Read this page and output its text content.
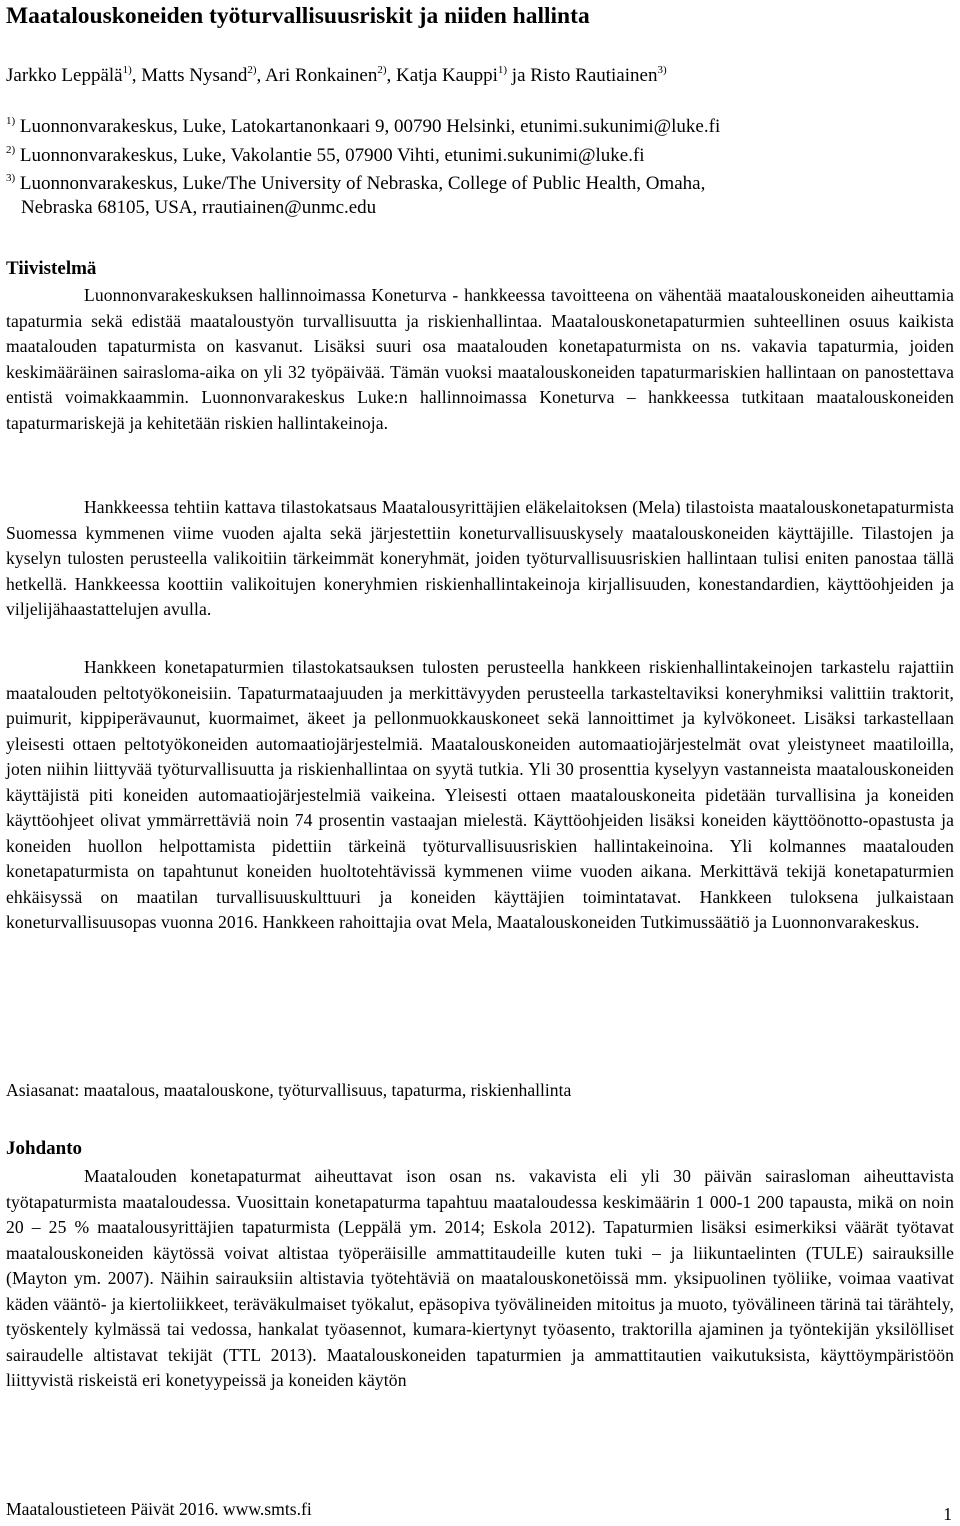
Maatalouskoneiden työturvallisuusriskit ja niiden hallinta
Jarkko Leppälä$^{1)}$, Matts Nysand$^{2)}$, Ari Ronkainen$^{2)}$, Katja Kauppi$^{1)}$ ja Risto Rautiainen$^{3)}$
$^{1)}$ Luonnonvarakeskus, Luke, Latokartanonkaari 9, 00790 Helsinki, etunimi.sukunimi@luke.fi
$^{2)}$ Luonnonvarakeskus, Luke, Vakolantie 55, 07900 Vihti, etunimi.sukunimi@luke.fi
$^{3)}$ Luonnonvarakeskus, Luke/The University of Nebraska, College of Public Health, Omaha,
Nebraska 68105, USA, rrautiainen@unmc.edu
Tiivistelmä

Luonnonvarakeskuksen hallinnoimassa Koneturva - hankkeessa tavoitteena on vähentää maatalouskoneiden aiheuttamia tapaturmia sekä edistää maataloustyön turvallisuutta ja riskienhallintaa. Maatalouskonetapaturmien suhteellinen osuus kaikista maatalouden tapaturmista on kasvanut. Lisäksi suuri osa maatalouden konetapaturmista on ns. vakavia tapaturmia, joiden keskimääräinen sairasloma-aika on yli 32 työpäivää. Tämän vuoksi maatalouskoneiden tapaturmariskien hallintaan on panostettava entistä voimakkaammin. Luonnonvarakeskus Luke:n hallinnoimassa Koneturva – hankkeessa tutkitaan maatalouskoneiden tapaturmariskejä ja kehitetään riskien hallintakeinoja.

Hankkeessa tehtiin kattava tilastokatsaus Maatalousyrittäjien eläkelaitoksen (Mela) tilastoista maatalouskonetapaturmista Suomessa kymmenen viime vuoden ajalta sekä järjestettiin koneturvallisuuskysely maatalouskoneiden käyttäjille. Tilastojen ja kyselyn tulosten perusteella valikoitiin tärkeimmät koneryhmät, joiden työturvallisuusriskien hallintaan tulisi eniten panostaa tällä hetkellä. Hankkeessa koottiin valikoitujen koneryhmien riskienhallintakeinoja kirjallisuuden, konestandardien, käyttöohjeiden ja viljelijähaastattelujen avulla.

Hankkeen konetapaturmien tilastokatsauksen tulosten perusteella hankkeen riskienhallintakeinojen tarkastelu rajattiin maatalouden peltotyökoneisiin. Tapaturmataajuuden ja merkittävyyden perusteella tarkasteltaviksi koneryhmiksi valittiin traktorit, puimurit, kippiperävaunut, kuormaimet, äkeet ja pellonmuokkauskoneet sekä lannoittimet ja kylvökoneet. Lisäksi tarkastellaan yleisesti ottaen peltotyökoneiden automaatiojärjestelmiä. Maatalouskoneiden automaatiojärjestelmät ovat yleistyneet maatiloilla, joten niihin liittyvää työturvallisuutta ja riskienhallintaa on syytä tutkia. Yli 30 prosenttia kyselyyn vastanneista maatalouskoneiden käyttäjistä piti koneiden automaatiojärjestelmiä vaikeina. Yleisesti ottaen maatalouskoneita pidetään turvallisina ja koneiden käyttöohjeet olivat ymmärrettäviä noin 74 prosentin vastaajan mielestä. Käyttöohjeiden lisäksi koneiden käyttöönotto-opastusta ja koneiden huollon helpottamista pidettiin tärkeinä työturvallisuusriskien hallintakeinoina. Yli kolmannes maatalouden konetapaturmista on tapahtunut koneiden huoltotehtävissä kymmenen viime vuoden aikana. Merkittävä tekijä konetapaturmien ehkäisyssä on maatilan turvallisuuskulttuuri ja koneiden käyttäjien toimintatavat. Hankkeen tuloksena julkaistaan koneturvallisuusopas vuonna 2016. Hankkeen rahoittajia ovat Mela, Maatalouskoneiden Tutkimussäätiö ja Luonnonvarakeskus.

Asiasanat: maatalous, maatalouskone, työturvallisuus, tapaturma, riskienhallinta
Johdanto

Maatalouden konetapaturmat aiheuttavat ison osan ns. vakavista eli yli 30 päivän sairasloman aiheuttavista työtapaturmista maataloudessa. Vuosittain konetapaturma tapahtuu maataloudessa keskimäärin 1 000-1 200 tapausta, mikä on noin 20 – 25 % maatalousyrittäjien tapaturmista (Leppälä ym. 2014; Eskola 2012). Tapaturmien lisäksi esimerkiksi väärät työtavat maatalouskoneiden käytössä voivat altistaa työperäisille ammattitaudeille kuten tuki – ja liikuntaelinten (TULE) sairauksille (Mayton ym. 2007). Näihin sairauksiin altistavia työtehtäviä on maatalouskonetöissä mm. yksipuolinen työliike, voimaa vaativat käden vääntö- ja kiertoliikkeet, teräväkulmaiset työkalut, epäsopiva työvälineiden mitoitus ja muoto, työvälineen tärinä tai tärähtely, työskentely kylmässä tai vedossa, hankalat työasennot, kumara-kiertynyt työasento, traktorilla ajaminen ja työntekijän yksilölliset sairaudelle altistavat tekijät (TTL 2013). Maatalouskoneiden tapaturmien ja ammattitautien vaikutuksista, käyttöympäristöön liittyvistä riskeistä eri konetyypeissä ja koneiden käytön

Maataloustieteen Päivät 2016. www.smts.fi	1
